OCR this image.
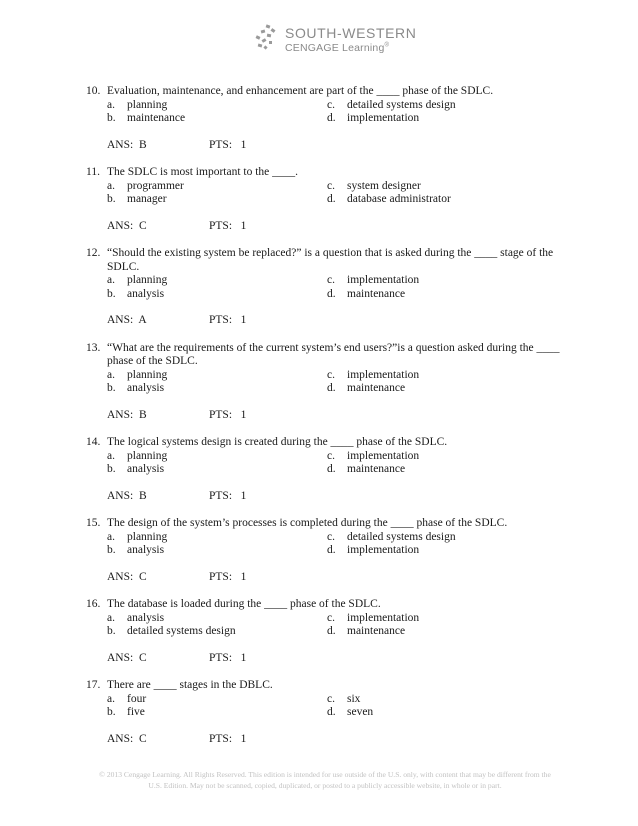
SOUTH-WESTERN
CENGAGE Learning®
10. Evaluation, maintenance, and enhancement are part of the ____ phase of the SDLC.
a.	planning	c.	detailed systems design
b. maintenance	d. implementation
ANS:  B	PTS:   1
11. The SDLC is most important to the ____.
a.	programmer	c.	system designer
b. manager	d. database administrator
ANS:  C	PTS:   1
12. “Should the existing system be replaced?” is a question that is asked during the ____ stage of the SDLC.
a.	planning	c.	implementation
b. analysis	d. maintenance
ANS:  A	PTS:   1
13. “What are the requirements of the current system’s end users?”is a question asked during the ____ phase of the SDLC.
a.	planning	c.	implementation
b. analysis	d. maintenance
ANS:  B	PTS:   1
14. The logical systems design is created during the ____ phase of the SDLC.
a.	planning	c.	implementation
b. analysis	d. maintenance
ANS:  B	PTS:   1
15. The design of the system’s processes is completed during the ____ phase of the SDLC.
a.	planning	c.	detailed systems design
b. analysis	d. implementation
ANS:  C	PTS:   1
16. The database is loaded during the ____ phase of the SDLC.
a.	analysis	c.	implementation
b. detailed systems design	d. maintenance
ANS:  C	PTS:   1
17. There are ____ stages in the DBLC.
a.	four	c.	six
b. five	d. seven
ANS:  C	PTS:   1
© 2013 Cengage Learning. All Rights Reserved. This edition is intended for use outside of the U.S. only, with content that may be different from the
U.S. Edition. May not be scanned, copied, duplicated, or posted to a publicly accessible website, in whole or in part.
